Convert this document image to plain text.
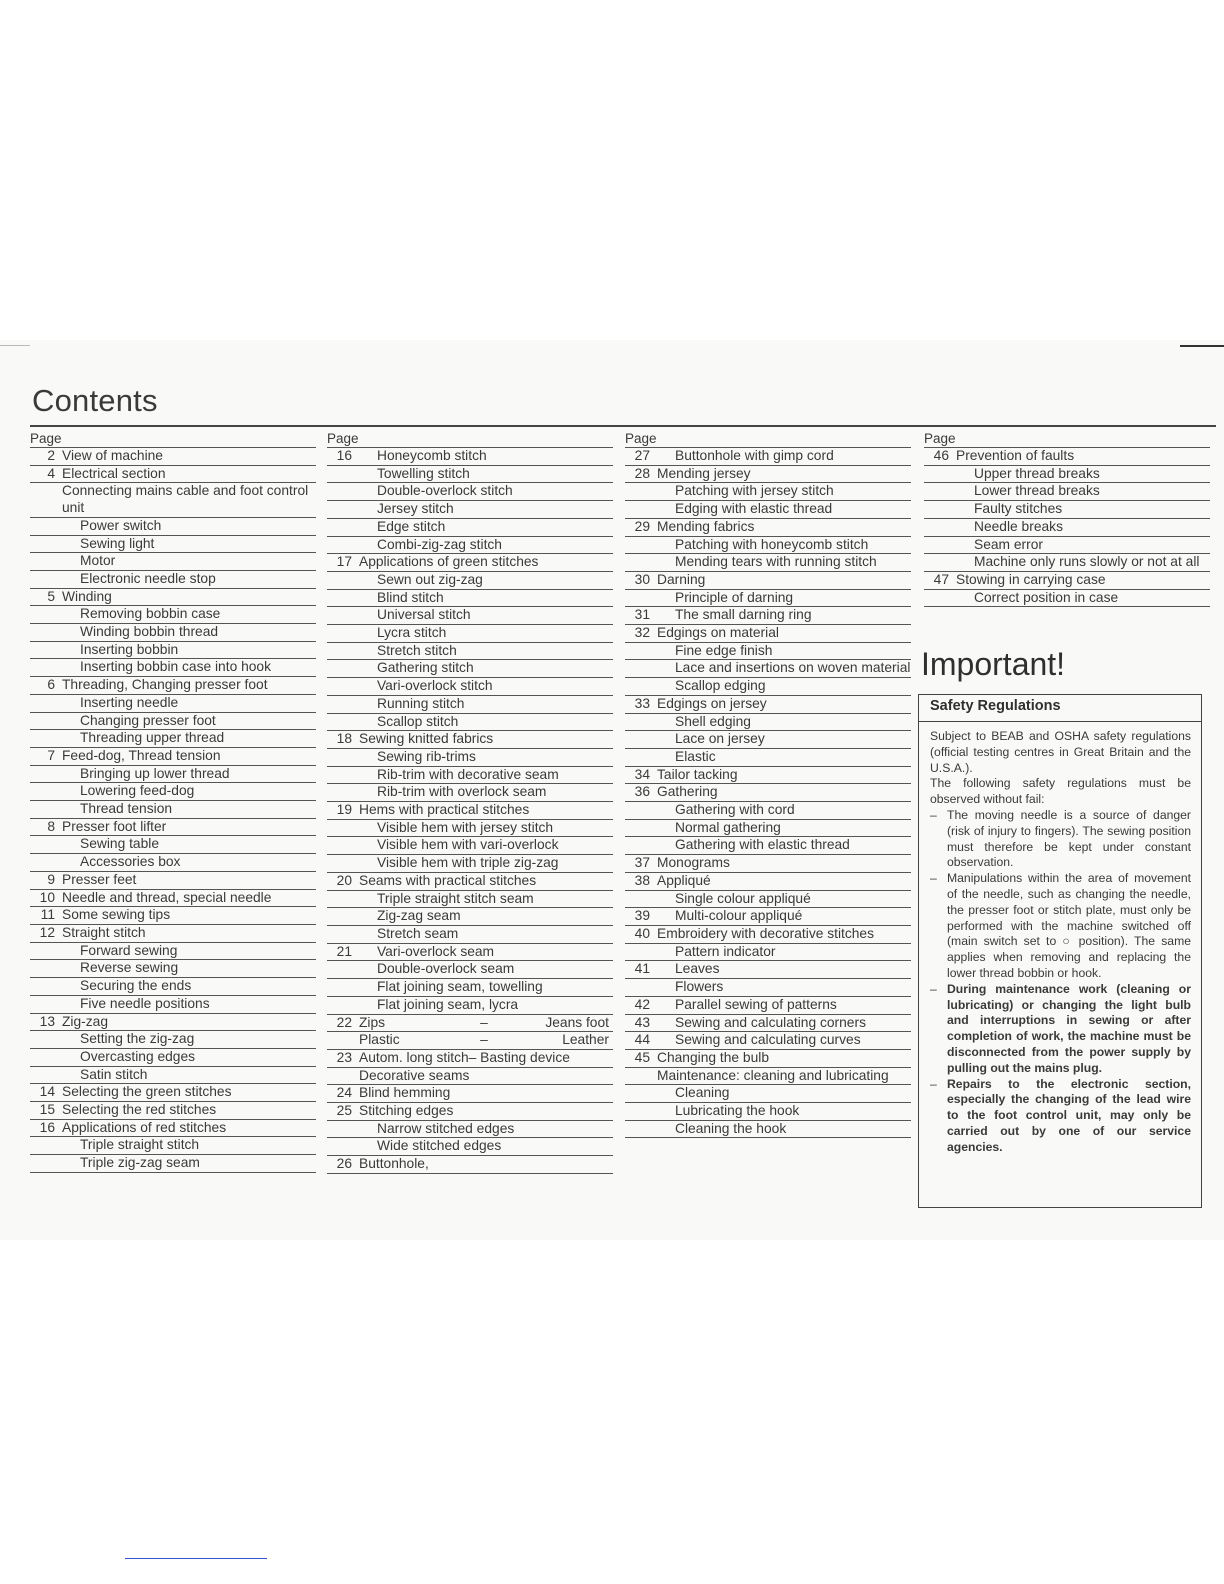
Contents
Page
2 View of machine
4 Electrical section
Connecting mains cable and foot control unit
Power switch
Sewing light
Motor
Electronic needle stop
5 Winding
Removing bobbin case
Winding bobbin thread
Inserting bobbin
Inserting bobbin case into hook
6 Threading, Changing presser foot
Inserting needle
Changing presser foot
Threading upper thread
7 Feed-dog, Thread tension
Bringing up lower thread
Lowering feed-dog
Thread tension
8 Presser foot lifter
Sewing table
Accessories box
9 Presser feet
10 Needle and thread, special needle
11 Some sewing tips
12 Straight stitch
Forward sewing
Reverse sewing
Securing the ends
Five needle positions
13 Zig-zag
Setting the zig-zag
Overcasting edges
Satin stitch
14 Selecting the green stitches
15 Selecting the red stitches
16 Applications of red stitches
Triple straight stitch
Triple zig-zag seam
Page
16	Honeycomb stitch
Towelling stitch
Double-overlock stitch
Jersey stitch
Edge stitch
Combi-zig-zag stitch
17 Applications of green stitches
Sewn out zig-zag
Blind stitch
Universal stitch
Lycra stitch
Stretch stitch
Gathering stitch
Vari-overlock stitch
Running stitch
Scallop stitch
18 Sewing knitted fabrics
Sewing rib-trims
Rib-trim with decorative seam
Rib-trim with overlock seam
19 Hems with practical stitches
Visible hem with jersey stitch
Visible hem with vari-overlock
Visible hem with triple zig-zag
20 Seams with practical stitches
Triple straight stitch seam
Zig-zag seam
Stretch seam
21	Vari-overlock seam
Double-overlock seam
Flat joining seam, towelling
Flat joining seam, lycra
22 Zips	–	Jeans foot
Plastic	–	Leather
23 Autom. long stitch– Basting device
Decorative seams
24 Blind hemming
25 Stitching edges
Narrow stitched edges
Wide stitched edges
26 Buttonhole,
Page
27	Buttonhole with gimp cord
28 Mending jersey
Patching with jersey stitch
Edging with elastic thread
29 Mending fabrics
Patching with honeycomb stitch
Mending tears with running stitch
30 Darning
Principle of darning
31	The small darning ring
32 Edgings on material
Fine edge finish
Lace and insertions on woven material
Scallop edging
33 Edgings on jersey
Shell edging
Lace on jersey
Elastic
34 Tailor tacking
36 Gathering
Gathering with cord
Normal gathering
Gathering with elastic thread
37 Monograms
38 Appliqué
Single colour appliqué
39	Multi-colour appliqué
40 Embroidery with decorative stitches
Pattern indicator
41	Leaves
Flowers
42	Parallel sewing of patterns
43	Sewing and calculating corners
44	Sewing and calculating curves
45 Changing the bulb
Maintenance: cleaning and lubricating
Cleaning
Lubricating the hook
Cleaning the hook
Page
46 Prevention of faults
Upper thread breaks
Lower thread breaks
Faulty stitches
Needle breaks
Seam error
Machine only runs slowly or not at all
47 Stowing in carrying case
Correct position in case
Important!
Safety Regulations

Subject to BEAB and OSHA safety regulations (official testing centres in Great Britain and the U.S.A.).

The following safety regulations must be observed without fail:

– The moving needle is a source of danger (risk of injury to fingers). The sewing position must therefore be kept under constant observation.
– Manipulations within the area of movement of the needle, such as changing the needle, the presser foot or stitch plate, must only be performed with the machine switched off (main switch set to ○ position). The same applies when removing and replacing the lower thread bobbin or hook.
– During maintenance work (cleaning or lubricating) or changing the light bulb and interruptions in sewing or after completion of work, the machine must be disconnected from the power supply by pulling out the mains plug.
– Repairs to the electronic section, especially the changing of the lead wire to the foot control unit, may only be carried out by one of our service agencies.
